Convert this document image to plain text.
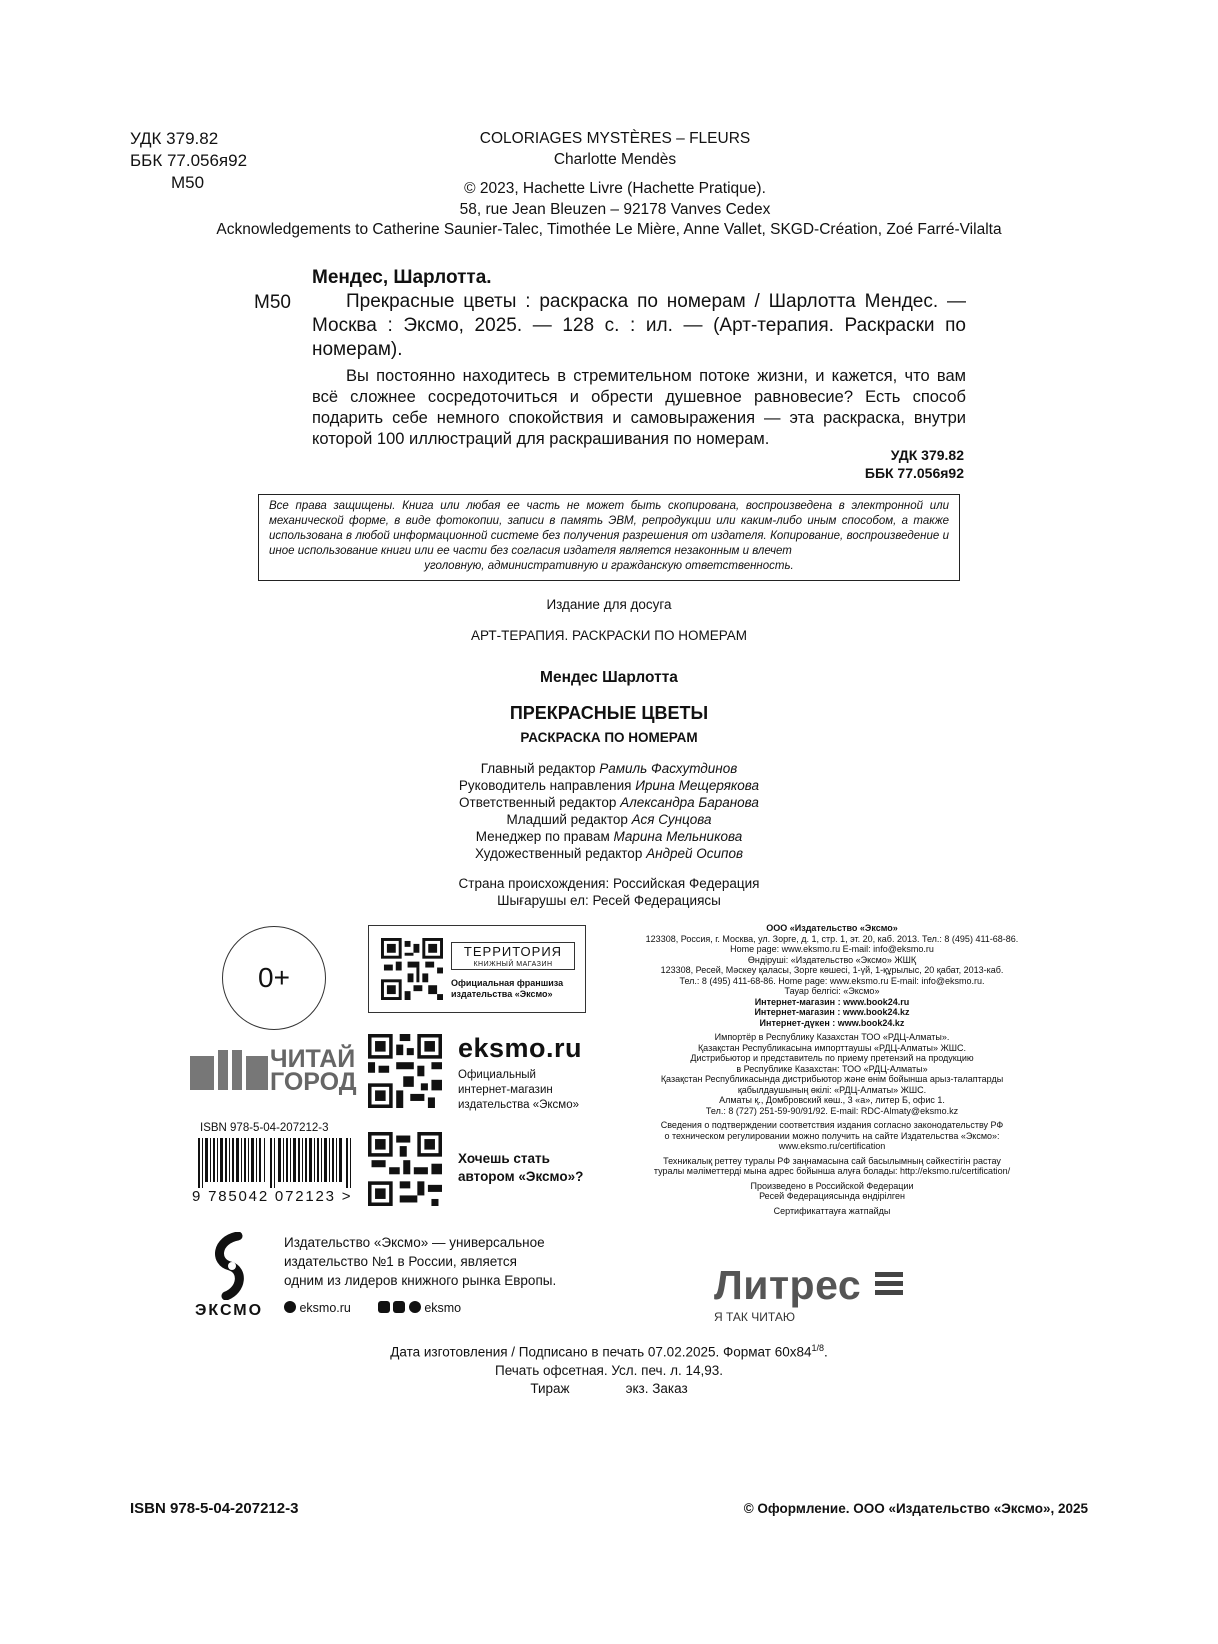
УДК 379.82
ББК 77.056я92
М50
COLORIAGES MYSTÈRES – FLEURS
Charlotte Mendès
© 2023, Hachette Livre (Hachette Pratique).
58, rue Jean Bleuzen – 92178 Vanves Cedex
Acknowledgements to Catherine Saunier-Talec, Timothée Le Mière, Anne Vallet, SKGD-Création, Zoé Farré-Vilalta
Мендес, Шарлотта.
М50	Прекрасные цветы : раскраска по номерам / Шарлотта Мендес. — Москва : Эксмо, 2025. — 128 с. : ил. — (Арт-терапия. Раскраски по номерам).
Вы постоянно находитесь в стремительном потоке жизни, и кажется, что вам всё сложнее сосредоточиться и обрести душевное равновесие? Есть способ подарить себе немного спокойствия и самовыражения — эта раскраска, внутри которой 100 иллюстраций для раскрашивания по номерам.
УДК 379.82
ББК 77.056я92
Все права защищены. Книга или любая ее часть не может быть скопирована, воспроизведена в электронной или механической форме, в виде фотокопии, записи в память ЭВМ, репродукции или каким-либо иным способом, а также использована в любой информационной системе без получения разрешения от издателя. Копирование, воспроизведение и иное использование книги или ее части без согласия издателя является незаконным и влечет
уголовную, административную и гражданскую ответственность.
Издание для досуга
АРТ-ТЕРАПИЯ. РАСКРАСКИ ПО НОМЕРАМ
Мендес Шарлотта
ПРЕКРАСНЫЕ ЦВЕТЫ
РАСКРАСКА ПО НОМЕРАМ
Главный редактор Рамиль Фасхутдинов
Руководитель направления Ирина Мещерякова
Ответственный редактор Александра Баранова
Младший редактор Ася Сунцова
Менеджер по правам Марина Мельникова
Художественный редактор Андрей Осипов
Страна происхождения: Российская Федерация
Шығарушы ел: Ресей Федерациясы
0+
ТЕРРИТОРИЯ
КНИЖНЫЙ МАГАЗИН
Официальная франшиза
издательства «Эксмо»
ЧИТАЙ
ГОРОД
eksmo.ru
Официальный
интернет-магазин
издательства «Эксмо»
Хочешь стать
автором «Эксмо»?
ISBN 978-5-04-207212-3
9 785042 072123 >
ЭКСМО
Издательство «Эксмо» — универсальное
издательство №1 в России, является
одним из лидеров книжного рынка Европы.
eksmo.ru	eksmo
ООО «Издательство «Эксмо»
123308, Россия, г. Москва, ул. Зорге, д. 1, стр. 1, эт. 20, каб. 2013. Тел.: 8 (495) 411-68-86.
Home page: www.eksmo.ru E-mail: info@eksmo.ru
Өндіруші: «Издательство «Эксмо» ЖШҚ
123308, Ресей, Мәскеу қаласы, Зорге көшесі, 1-үй, 1-құрылыс, 20 қабат, 2013-каб.
Тел.: 8 (495) 411-68-86. Home page: www.eksmo.ru E-mail: info@eksmo.ru.
Тауар белгісі: «Эксмо»
Интернет-магазин : www.book24.ru
Интернет-магазин : www.book24.kz
Интернет-дүкен : www.book24.kz
Импортёр в Республику Казахстан ТОО «РДЦ-Алматы».
Қазақстан Республикасына импорттаушы «РДЦ-Алматы» ЖШС.
Дистрибьютор и представитель по приему претензий на продукцию
в Республике Казахстан: ТОО «РДЦ-Алматы»
Қазақстан Республикасында дистрибьютор және өнім бойынша арыз-талаптарды
қабылдаушының өкілі: «РДЦ-Алматы» ЖШС.
Алматы қ., Домбровский көш., 3 «а», литер Б, офис 1.
Тел.: 8 (727) 251-59-90/91/92. E-mail: RDC-Almaty@eksmo.kz
Сведения о подтверждении соответствия издания согласно законодательству РФ
о техническом регулировании можно получить на сайте Издательства «Эксмо»:
www.eksmo.ru/certification
Техникалық реттеу туралы РФ заңнамасына сай басылымның сәйкестігін растау
туралы мәліметтерді мына адрес бойынша алуға болады: http://eksmo.ru/certification/
Произведено в Российской Федерации
Ресей Федерациясында өндірілген
Сертификаттауға жатпайды
Литрес
Я ТАК ЧИТАЮ
Дата изготовления / Подписано в печать 07.02.2025. Формат $60x84^{1/8}$.
Печать офсетная. Усл. печ. л. 14,93.
Тираж	экз. Заказ
ISBN 978-5-04-207212-3	© Оформление. ООО «Издательство «Эксмо», 2025
